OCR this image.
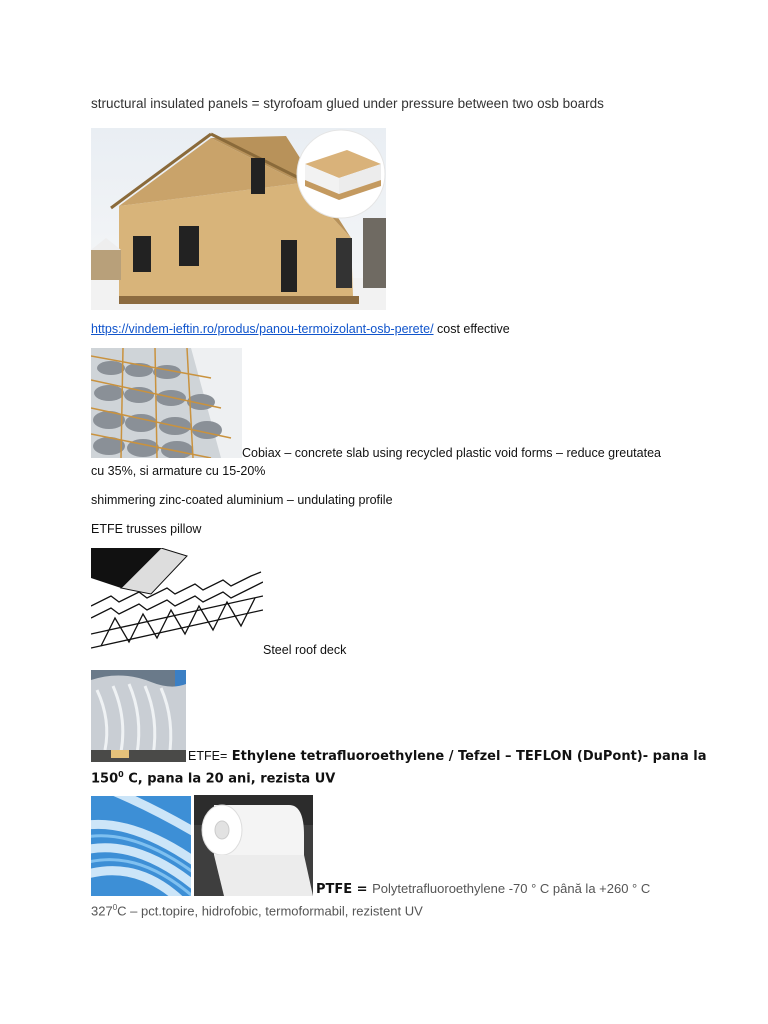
structural insulated panels = styrofoam glued under pressure between two osb boards
https://vindem-ieftin.ro/produs/panou-termoizolant-osb-perete/ cost effective
Cobiax – concrete slab using recycled plastic void forms – reduce greutatea
cu 35%, si armature cu 15-20%
shimmering zinc-coated aluminium – undulating profile
ETFE trusses pillow
Steel roof deck
ETFE= Ethylene tetrafluoroethylene / Tefzel – TEFLON (DuPont)- pana la
$150^0$ C, pana la 20 ani, rezista UV
PTFE = Polytetrafluoroethylene -70 ° C până la +260 ° C
$327^0C$ – pct.topire, hidrofobic, termoformabil, rezistent UV
